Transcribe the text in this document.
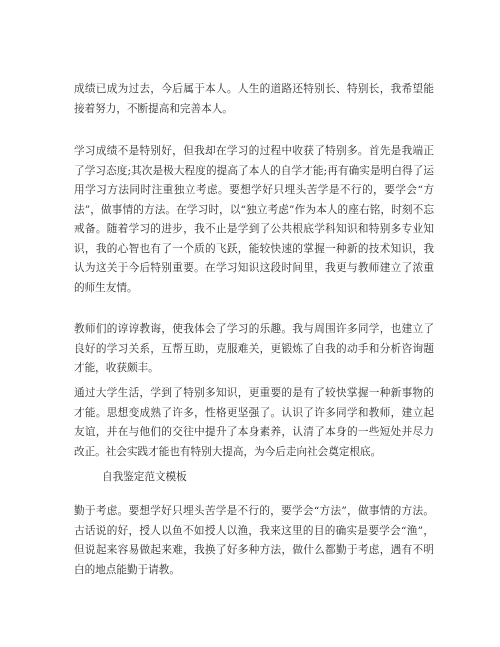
成绩已成为过去，今后属于本人。人生的道路还特别长、特别长，我希望能接着努力，不断提高和完善本人。

学习成绩不是特别好，但我却在学习的过程中收获了特别多。首先是我端正了学习态度;其次是极大程度的提高了本人的自学才能;再有确实是明白得了运用学习方法同时注重独立考虑。要想学好只埋头苦学是不行的，要学会“方法”，做事情的方法。在学习时，以“独立考虑”作为本人的座右铭，时刻不忘戒备。随着学习的进步，我不止是学到了公共根底学科知识和特别多专业知识，我的心智也有了一个质的飞跃，能较快速的掌握一种新的技术知识，我认为这关于今后特别重要。在学习知识这段时间里，我更与教师建立了浓重的师生友情。

教师们的谆谆教诲，使我体会了学习的乐趣。我与周围许多同学，也建立了良好的学习关系，互帮互助，克服难关，更锻炼了自我的动手和分析咨询题才能，收获颇丰。

通过大学生活，学到了特别多知识，更重要的是有了较快掌握一种新事物的才能。思想变成熟了许多，性格更坚强了。认识了许多同学和教师，建立起友谊，并在与他们的交往中提升了本身素养，认清了本身的一些短处并尽力改正。社会实践才能也有特别大提高，为今后走向社会奠定根底。

自我鉴定范文模板

勤于考虑。要想学好只埋头苦学是不行的，要学会“方法”，做事情的方法。古话说的好，授人以鱼不如授人以渔，我来这里的目的确实是要学会“渔”，但说起来容易做起来难，我换了好多种方法，做什么都勤于考虑，遇有不明白的地点能勤于请教。
